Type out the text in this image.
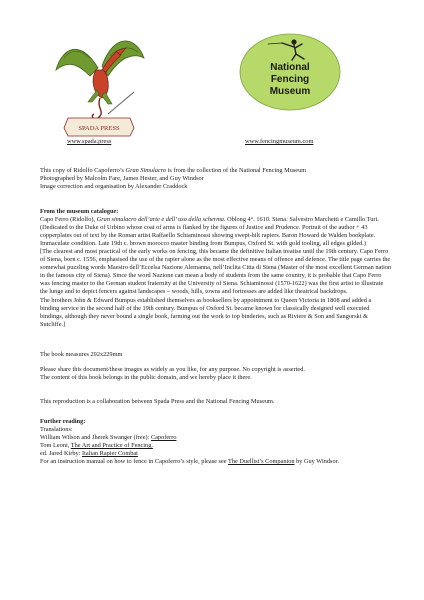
SPADA PRESS
National
Fencing
Museum
www.spada.press	www.fencingmuseum.com

This copy of Ridolfo Capoferro’s Gran Simulacro is from the collection of the National Fencing Museum

Photographed by Malcolm Fare, James Hester, and Guy Windsor

Image correction and organisation by Alexander Craddock

From the museum catalogue:

Capo Ferro (Ridolfo), Gran simulacro dell’arte e dell’ uso della scherma. Oblong 4°. 1610. Siena: Salvestro Marchetti e Camillo Turi. (Dedicated to the Duke of Urbino whose coat of arms is flanked by the figures of Justice and Prudence. Portrait of the author + 43 copperplates out of text by the Roman artist Raffaello Schiaminossi showing swept-hilt rapiers. Baron Howard de Walden bookplate. Immaculate condition. Late 19th c. brown morocco master binding from Bumpus, Oxford St. with gold tooling, all edges gilded.)

[The clearest and most practical of the early works on fencing, this became the definitive Italian treatise until the 19th century. Capo Ferro of Siena, born c. 1556, emphasised the use of the rapier alone as the most effective means of offence and defence. The title page carries the somewhat puzzling words Maestro dell’Eccelsa Nazione Alemanna, nell’Inclita Citta di Siena (Master of the most excellent German nation in the famous city of Siena). Since the word Nazione can mean a body of students from the same country, it is probable that Capo Ferro was fencing master to the German student fraternity at the University of Siena. Schiaminossi (1570-1622) was the first artist to illustrate the lunge and to depict fencers against landscapes – woods, hills, towns and fortresses are added like theatrical backdrops.

The brothers John & Edward Bumpus established themselves as booksellers by appointment to Queen Victoria in 1808 and added a binding service in the second half of the 19th century. Bumpus of Oxford St. became known for classically designed well executed bindings, although they never bound a single book, farming out the work to top binderies, such as Riviere & Son and Sangorski & Sutcliffe.]

The book measures 292x229mm

Please share this document/these images as widely as you like, for any purpose. No copyright is asserted.

The content of this book belongs in the public domain, and we hereby place it there.

This reproduction is a collaboration between Spada Press and the National Fencing Museum.

Further reading:

Translations:

William Wilson and Jherek Swanger (free): Capoferro

Tom Leoni, The Art and Practice of Fencing.

ed. Jared Kirby: Italian Rapier Combat

For an instruction manual on how to fence in Capoferro’s style, please see The Duellist’s Companion by Guy Windsor.
